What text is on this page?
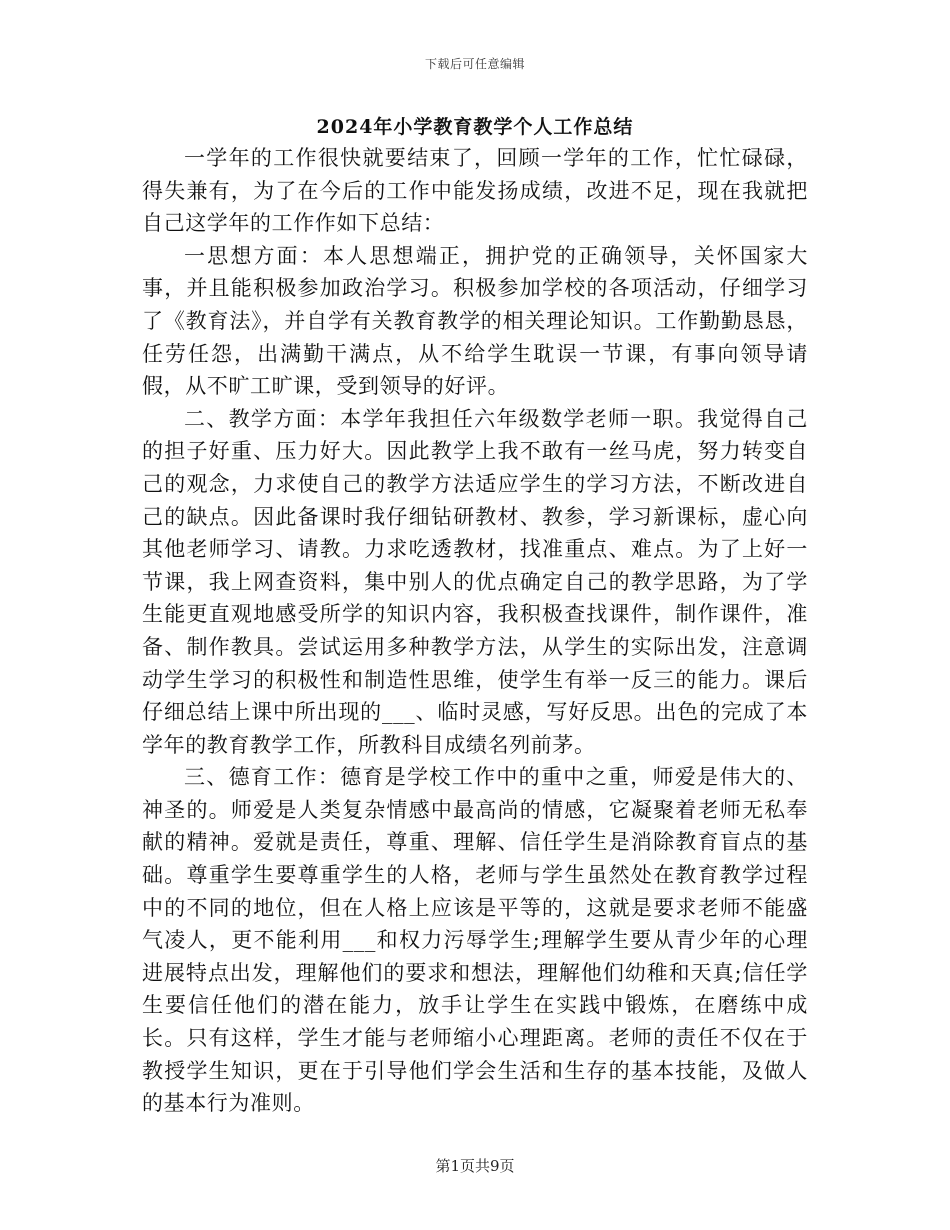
下载后可任意编辑
2024年小学教育教学个人工作总结

一学年的工作很快就要结束了，回顾一学年的工作，忙忙碌碌，得失兼有，为了在今后的工作中能发扬成绩，改进不足，现在我就把自己这学年的工作作如下总结：

一思想方面：本人思想端正，拥护党的正确领导，关怀国家大事，并且能积极参加政治学习。积极参加学校的各项活动，仔细学习了《教育法》，并自学有关教育教学的相关理论知识。工作勤勤恳恳，任劳任怨，出满勤干满点，从不给学生耽误一节课，有事向领导请假，从不旷工旷课，受到领导的好评。

二、教学方面：本学年我担任六年级数学老师一职。我觉得自己的担子好重、压力好大。因此教学上我不敢有一丝马虎，努力转变自己的观念，力求使自己的教学方法适应学生的学习方法，不断改进自己的缺点。因此备课时我仔细钻研教材、教参，学习新课标，虚心向其他老师学习、请教。力求吃透教材，找准重点、难点。为了上好一节课，我上网查资料，集中别人的优点确定自己的教学思路，为了学生能更直观地感受所学的知识内容，我积极查找课件，制作课件，准备、制作教具。尝试运用多种教学方法，从学生的实际出发，注意调动学生学习的积极性和制造性思维，使学生有举一反三的能力。课后仔细总结上课中所出现的___、临时灵感，写好反思。出色的完成了本学年的教育教学工作，所教科目成绩名列前茅。

三、德育工作：德育是学校工作中的重中之重，师爱是伟大的、神圣的。师爱是人类复杂情感中最高尚的情感，它凝聚着老师无私奉献的精神。爱就是责任，尊重、理解、信任学生是消除教育盲点的基础。尊重学生要尊重学生的人格，老师与学生虽然处在教育教学过程中的不同的地位，但在人格上应该是平等的，这就是要求老师不能盛气凌人，更不能利用___和权力污辱学生;理解学生要从青少年的心理进展特点出发，理解他们的要求和想法，理解他们幼稚和天真;信任学生要信任他们的潜在能力，放手让学生在实践中锻炼，在磨练中成长。只有这样，学生才能与老师缩小心理距离。老师的责任不仅在于教授学生知识，更在于引导他们学会生活和生存的基本技能，及做人的基本行为准则。

第1页共9页
